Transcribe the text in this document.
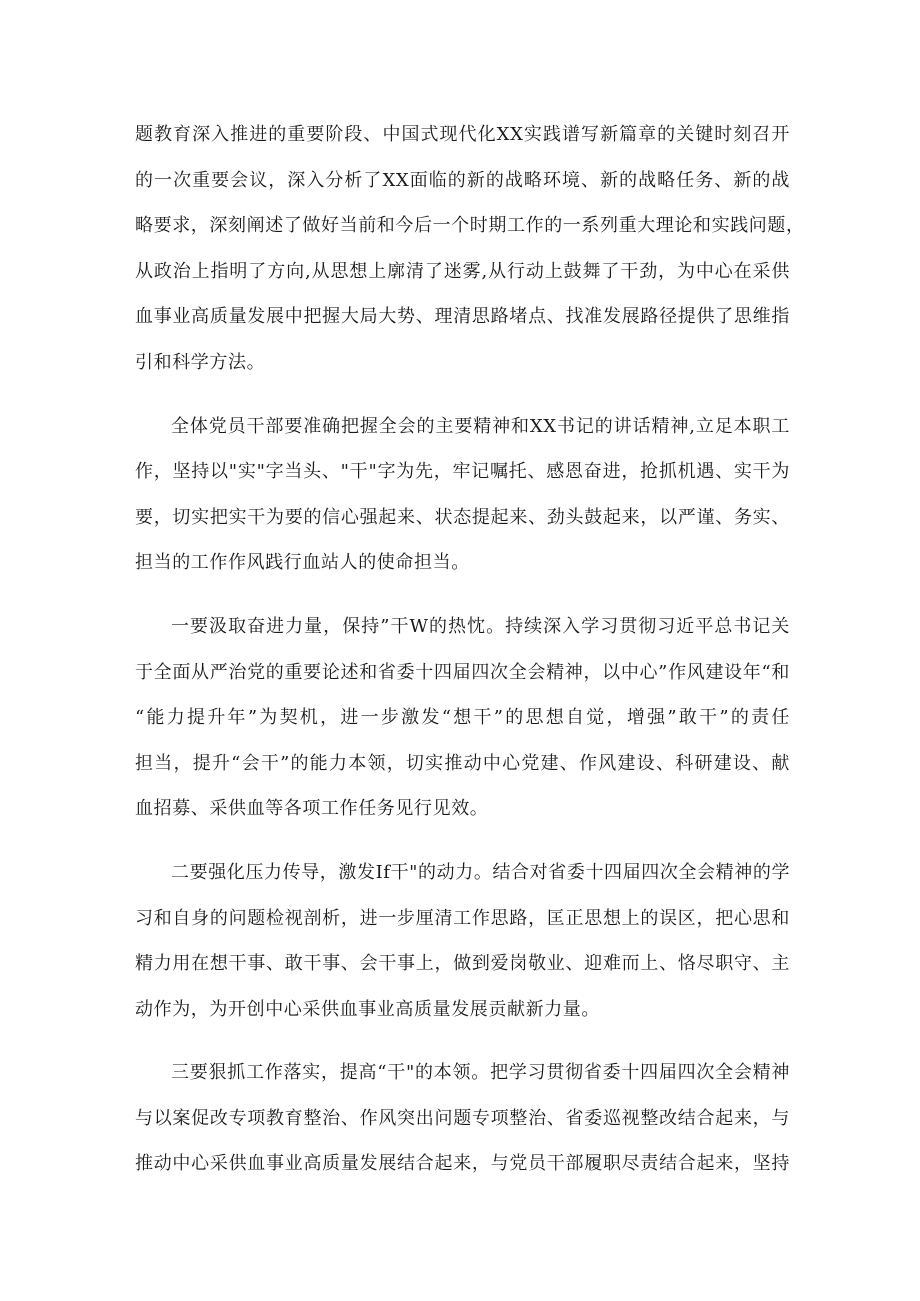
题教育深入推进的重要阶段、中国式现代化XX实践谱写新篇章的关键时刻召开
的一次重要会议，深入分析了XX面临的新的战略环境、新的战略任务、新的战
略要求，深刻阐述了做好当前和今后一个时期工作的一系列重大理论和实践问题，
从政治上指明了方向,从思想上廓清了迷雾,从行动上鼓舞了干劲，为中心在采供
血事业高质量发展中把握大局大势、理清思路堵点、找准发展路径提供了思维指
引和科学方法。
全体党员干部要准确把握全会的主要精神和XX书记的讲话精神,立足本职工
作，坚持以"实"字当头、"干"字为先，牢记嘱托、感恩奋进，抢抓机遇、实干为
要，切实把实干为要的信心强起来、状态提起来、劲头鼓起来，以严谨、务实、
担当的工作作风践行血站人的使命担当。
一要汲取奋进力量，保持”干W的热忱。持续深入学习贯彻习近平总书记关
于全面从严治党的重要论述和省委十四届四次全会精神，以中心”作风建设年“和
“能力提升年”为契机，进一步激发“想干”的思想自觉，增强”敢干”的责任
担当，提升“会干”的能力本领，切实推动中心党建、作风建设、科研建设、献
血招募、采供血等各项工作任务见行见效。
二要强化压力传导，激发If干"的动力。结合对省委十四届四次全会精神的学
习和自身的问题检视剖析，进一步厘清工作思路，匡正思想上的误区，把心思和
精力用在想干事、敢干事、会干事上，做到爱岗敬业、迎难而上、恪尽职守、主
动作为，为开创中心采供血事业高质量发展贡献新力量。
三要狠抓工作落实，提高“干"的本领。把学习贯彻省委十四届四次全会精神
与以案促改专项教育整治、作风突出问题专项整治、省委巡视整改结合起来，与
推动中心采供血事业高质量发展结合起来，与党员干部履职尽责结合起来，坚持
